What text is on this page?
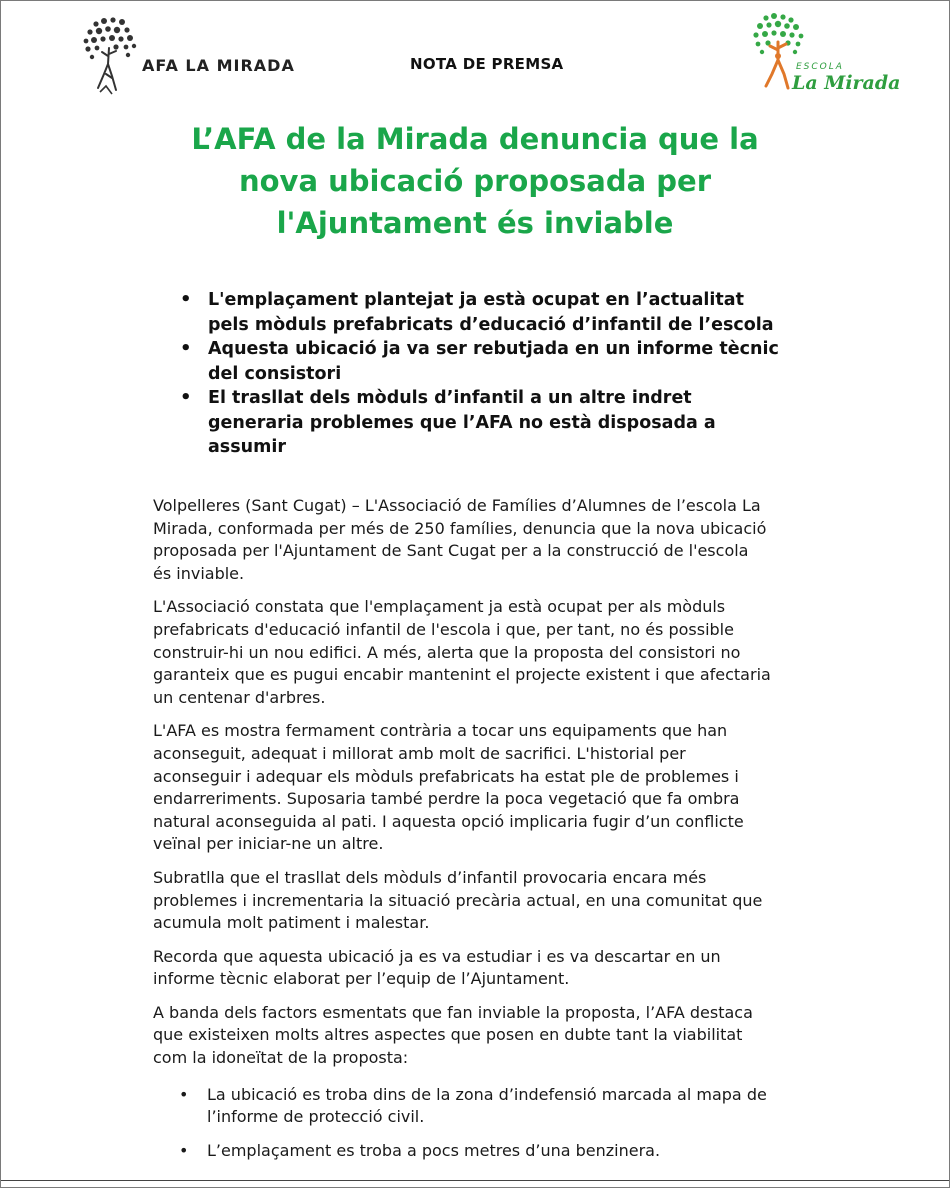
AFA LA MIRADA	NOTA DE PREMSA	ESCOLA
La Mirada
L’AFA de la Mirada denuncia que la
nova ubicació proposada per
l'Ajuntament és inviable
• L'emplaçament plantejat ja està ocupat en l’actualitat
pels mòduls prefabricats d’educació d’infantil de l’escola
• Aquesta ubicació ja va ser rebutjada en un informe tècnic
del consistori
• El trasllat dels mòduls d’infantil a un altre indret
generaria problemes que l’AFA no està disposada a
assumir

Volpelleres (Sant Cugat) – L'Associació de Famílies d’Alumnes de l’escola La
Mirada, conformada per més de 250 famílies, denuncia que la nova ubicació
proposada per l'Ajuntament de Sant Cugat per a la construcció de l'escola
és inviable.

L'Associació constata que l'emplaçament ja està ocupat per als mòduls
prefabricats d'educació infantil de l'escola i que, per tant, no és possible
construir-hi un nou edifici. A més, alerta que la proposta del consistori no
garanteix que es pugui encabir mantenint el projecte existent i que afectaria
un centenar d'arbres.

L'AFA es mostra fermament contrària a tocar uns equipaments que han
aconseguit, adequat i millorat amb molt de sacrifici. L'historial per
aconseguir i adequar els mòduls prefabricats ha estat ple de problemes i
endarreriments. Suposaria també perdre la poca vegetació que fa ombra
natural aconseguida al pati. I aquesta opció implicaria fugir d’un conflicte
veïnal per iniciar-ne un altre.

Subratlla que el trasllat dels mòduls d’infantil provocaria encara més
problemes i incrementaria la situació precària actual, en una comunitat que
acumula molt patiment i malestar.

Recorda que aquesta ubicació ja es va estudiar i es va descartar en un
informe tècnic elaborat per l’equip de l’Ajuntament.

A banda dels factors esmentats que fan inviable la proposta, l’AFA destaca
que existeixen molts altres aspectes que posen en dubte tant la viabilitat
com la idoneïtat de la proposta:

• La ubicació es troba dins de la zona d’indefensió marcada al mapa de
l’informe de protecció civil.
• L’emplaçament es troba a pocs metres d’una benzinera.
